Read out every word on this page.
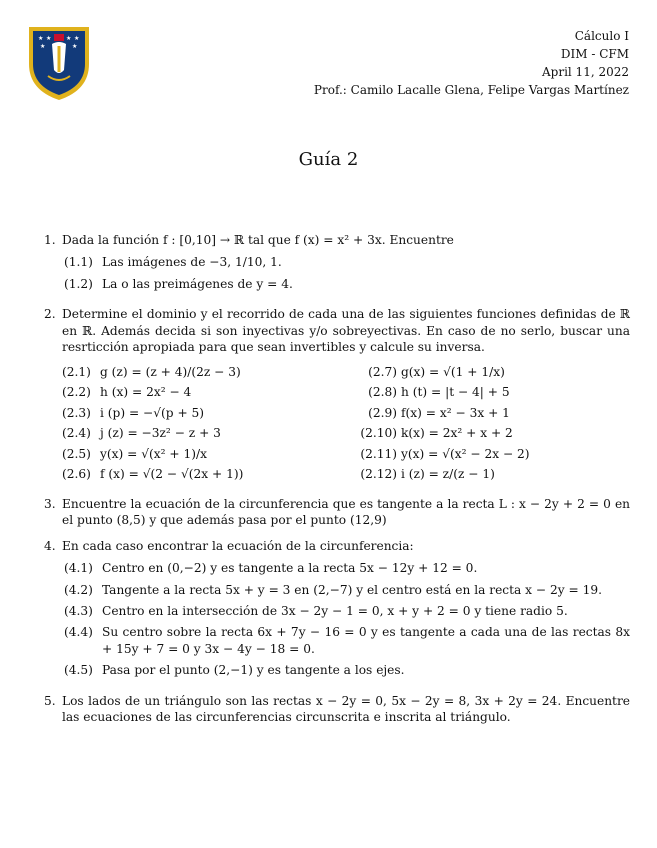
★ ★ ★ ★
★	★
Cálculo I
DIM - CFM
April 11, 2022
Prof.: Camilo Lacalle Glena, Felipe Vargas Martínez
Guía 2
1. Dada la función f : [0,10] → ℝ tal que f (x) = x² + 3x. Encuentre
(1.1) Las imágenes de −3, 1/10, 1.
(1.2) La o las preimágenes de y = 4.
2. Determine el dominio y el recorrido de cada una de las siguientes funciones definidas de ℝ en ℝ. Además decida si son inyectivas y/o sobreyectivas. En caso de no serlo, buscar una resrticción apropiada para que sean invertibles y calcule su inversa.
(2.1) g (z) = (z + 4)/(2z − 3)
(2.2) h (x) = 2x² − 4
(2.3) i (p) = −√(p + 5)
(2.4) j (z) = −3z² − z + 3
(2.5) y(x) = √(x² + 1)/x
(2.6) f (x) = √(2 − √(2x + 1))
(2.7) g(x) = √(1 + 1/x)
(2.8) h (t) = |t − 4| + 5
(2.9) f(x) = x² − 3x + 1
(2.10) k(x) = 2x² + x + 2
(2.11) y(x) = √(x² − 2x − 2)
(2.12) i (z) = z/(z − 1)
3. Encuentre la ecuación de la circunferencia que es tangente a la recta L : x − 2y + 2 = 0 en el punto (8,5) y que además pasa por el punto (12,9)
4. En cada caso encontrar la ecuación de la circunferencia:
(4.1) Centro en (0,−2) y es tangente a la recta 5x − 12y + 12 = 0.
(4.2) Tangente a la recta 5x + y = 3 en (2,−7) y el centro está en la recta x − 2y = 19.
(4.3) Centro en la intersección de 3x − 2y − 1 = 0, x + y + 2 = 0 y tiene radio 5.
(4.4) Su centro sobre la recta 6x + 7y − 16 = 0 y es tangente a cada una de las rectas 8x + 15y + 7 = 0 y 3x − 4y − 18 = 0.
(4.5) Pasa por el punto (2,−1) y es tangente a los ejes.
5. Los lados de un triángulo son las rectas x − 2y = 0, 5x − 2y = 8, 3x + 2y = 24. Encuentre las ecuaciones de las circunferencias circunscrita e inscrita al triángulo.
